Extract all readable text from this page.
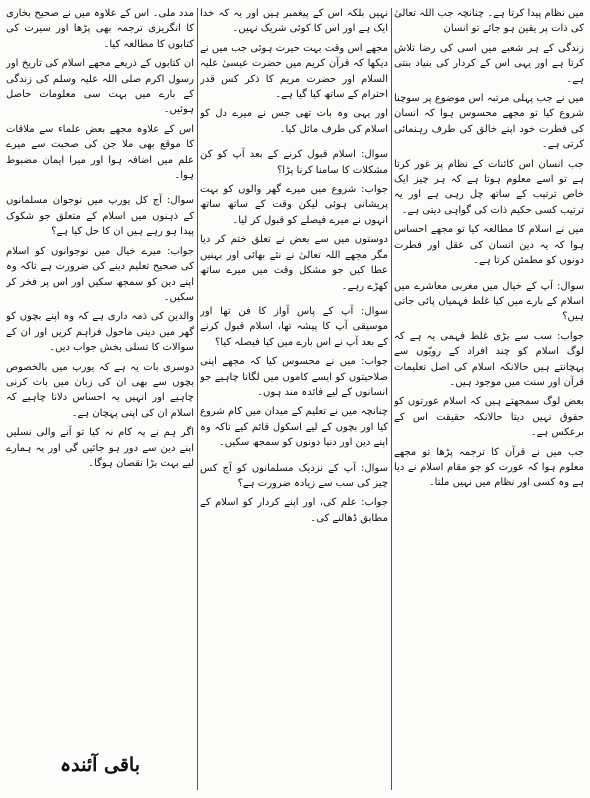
میں نظام پیدا کرتا ہے۔ چنانچہ جب اللہ تعالیٰ کی ذات پر یقین ہو جائے تو انسان

زندگی کے ہر شعبے میں اسی کی رضا تلاش کرتا ہے اور یہی اس کے کردار کی بنیاد بنتی ہے۔

میں نے جب پہلی مرتبہ اس موضوع پر سوچنا شروع کیا تو مجھے محسوس ہوا کہ انسان کی فطرت خود اپنے خالق کی طرف رہنمائی کرتی ہے۔

جب انسان اس کائنات کے نظام پر غور کرتا ہے تو اسے معلوم ہوتا ہے کہ ہر چیز ایک خاص ترتیب کے ساتھ چل رہی ہے اور یہ ترتیب کسی حکیم ذات کی گواہی دیتی ہے۔

میں نے اسلام کا مطالعہ کیا تو مجھے احساس ہوا کہ یہ دین انسان کی عقل اور فطرت دونوں کو مطمئن کرتا ہے۔

سوال: آپ کے خیال میں مغربی معاشرے میں اسلام کے بارے میں کیا غلط فہمیاں پائی جاتی ہیں؟

جواب: سب سے بڑی غلط فہمی یہ ہے کہ لوگ اسلام کو چند افراد کے رویّوں سے پہچانتے ہیں حالانکہ اسلام کی اصل تعلیمات قرآن اور سنت میں موجود ہیں۔

بعض لوگ سمجھتے ہیں کہ اسلام عورتوں کو حقوق نہیں دیتا حالانکہ حقیقت اس کے برعکس ہے۔

جب میں نے قرآن کا ترجمہ پڑھا تو مجھے معلوم ہوا کہ عورت کو جو مقام اسلام نے دیا ہے وہ کسی اور نظام میں نہیں ملتا۔

نہیں بلکہ اس کے پیغمبر ہیں اور یہ کہ خدا ایک ہے اور اس کا کوئی شریک نہیں۔

مجھے اس وقت بہت حیرت ہوئی جب میں نے دیکھا کہ قرآن کریم میں حضرت عیسیٰ علیہ السلام اور حضرت مریم کا ذکر کس قدر احترام کے ساتھ کیا گیا ہے۔

اور یہی وہ بات تھی جس نے میرے دل کو اسلام کی طرف مائل کیا۔

سوال: اسلام قبول کرنے کے بعد آپ کو کن مشکلات کا سامنا کرنا پڑا؟

جواب: شروع میں میرے گھر والوں کو بہت پریشانی ہوئی لیکن وقت کے ساتھ ساتھ انہوں نے میرے فیصلے کو قبول کر لیا۔

دوستوں میں سے بعض نے تعلق ختم کر دیا مگر مجھے اللہ تعالیٰ نے نئے بھائی اور بہنیں عطا کیں جو مشکل وقت میں میرے ساتھ کھڑے رہے۔

سوال: آپ کے پاس آواز کا فن تھا اور موسیقی آپ کا پیشہ تھا، اسلام قبول کرنے کے بعد آپ نے اس بارے میں کیا فیصلہ کیا؟

جواب: میں نے محسوس کیا کہ مجھے اپنی صلاحیتوں کو ایسے کاموں میں لگانا چاہیے جو انسانوں کے لیے فائدہ مند ہوں۔

چنانچہ میں نے تعلیم کے میدان میں کام شروع کیا اور بچوں کے لیے اسکول قائم کیے تاکہ وہ اپنے دین اور دنیا دونوں کو سمجھ سکیں۔

سوال: آپ کے نزدیک مسلمانوں کو آج کس چیز کی سب سے زیادہ ضرورت ہے؟

جواب: علم کی، اور اپنے کردار کو اسلام کے مطابق ڈھالنے کی۔

مدد ملی۔ اس کے علاوہ میں نے صحیح بخاری کا انگریزی ترجمہ بھی پڑھا اور سیرت کی کتابوں کا مطالعہ کیا۔

ان کتابوں کے ذریعے مجھے اسلام کی تاریخ اور رسول اکرم صلی اللہ علیہ وسلم کی زندگی کے بارے میں بہت سی معلومات حاصل ہوئیں۔

اس کے علاوہ مجھے بعض علماء سے ملاقات کا موقع بھی ملا جن کی صحبت سے میرے علم میں اضافہ ہوا اور میرا ایمان مضبوط ہوا۔

سوال: آج کل یورپ میں نوجوان مسلمانوں کے ذہنوں میں اسلام کے متعلق جو شکوک پیدا ہو رہے ہیں ان کا حل کیا ہے؟

جواب: میرے خیال میں نوجوانوں کو اسلام کی صحیح تعلیم دینے کی ضرورت ہے تاکہ وہ اپنے دین کو سمجھ سکیں اور اس پر فخر کر سکیں۔

والدین کی ذمہ داری ہے کہ وہ اپنے بچوں کو گھر میں دینی ماحول فراہم کریں اور ان کے سوالات کا تسلی بخش جواب دیں۔

دوسری بات یہ ہے کہ یورپ میں بالخصوص بچوں سے بھی ان کی زبان میں بات کرنی چاہیے اور انہیں یہ احساس دلانا چاہیے کہ اسلام ان کی اپنی پہچان ہے۔

اگر ہم نے یہ کام نہ کیا تو آنے والی نسلیں اپنے دین سے دور ہو جائیں گی اور یہ ہمارے لیے بہت بڑا نقصان ہوگا۔

باقی آئندہ
